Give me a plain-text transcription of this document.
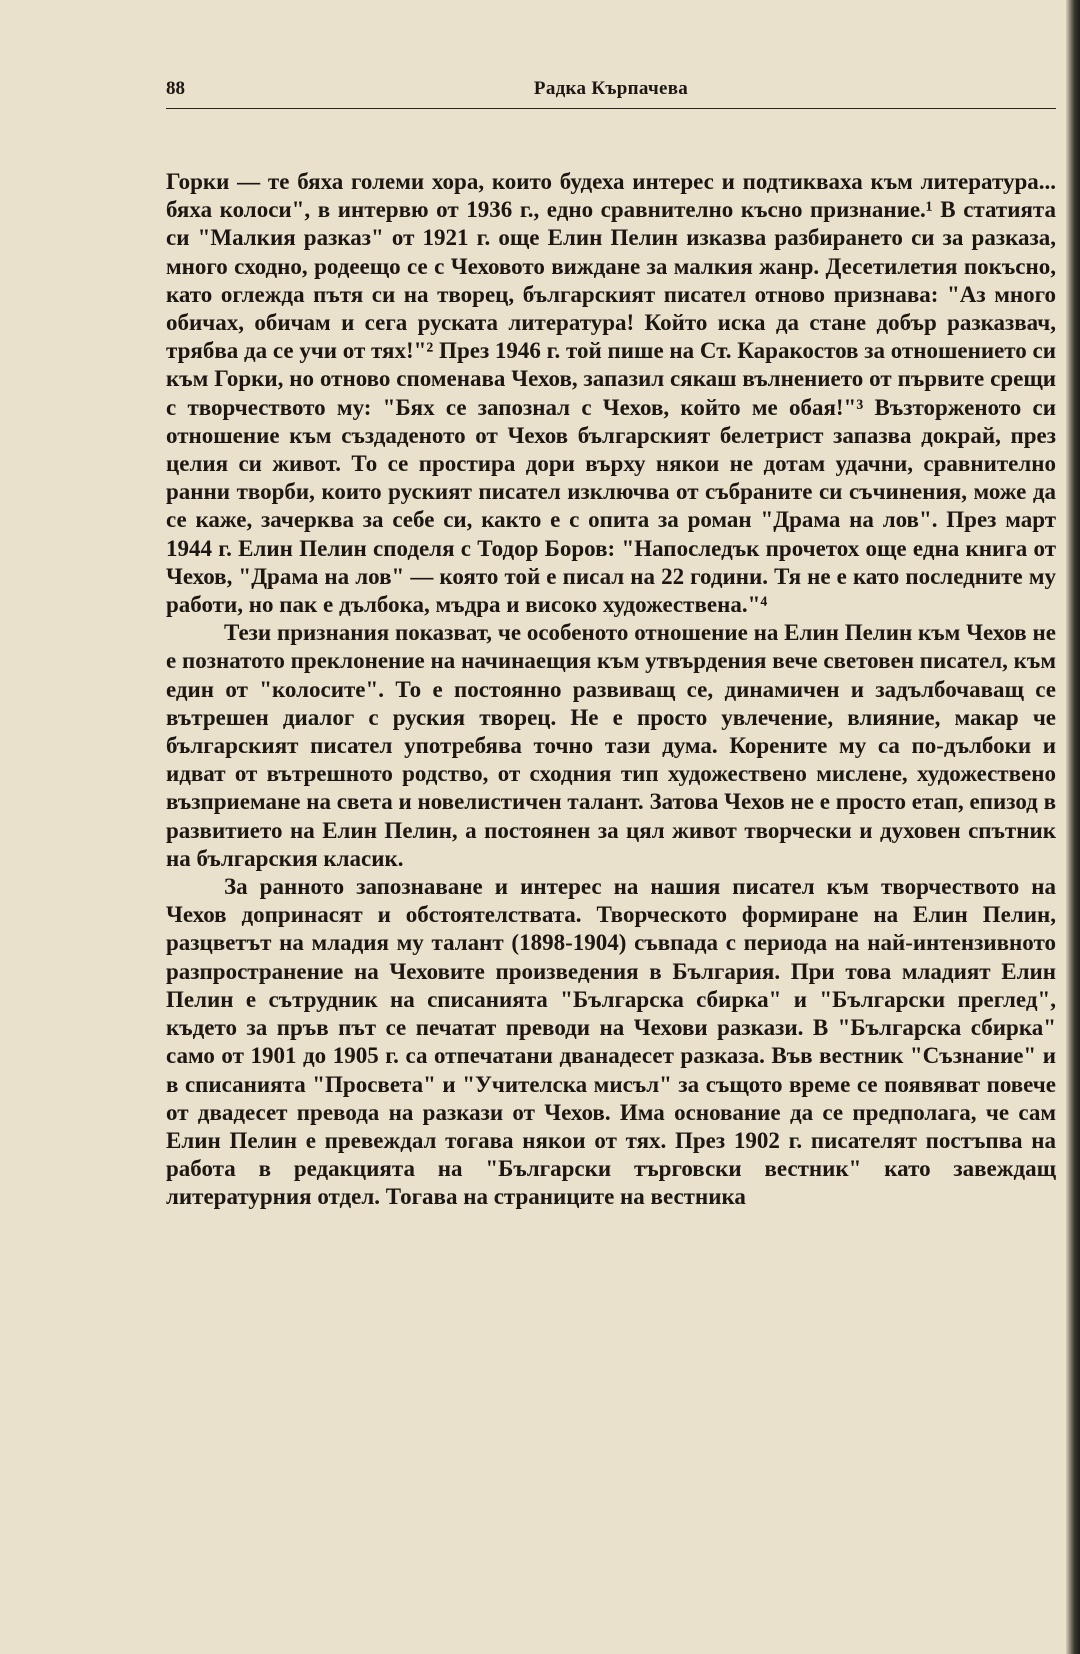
88	Радка Кърпачева

Горки — те бяха големи хора, които будеха интерес и подтикваха към литература... бяха колоси", в интервю от 1936 г., едно сравнително късно признание.¹ В статията си "Малкия разказ" от 1921 г. още Елин Пелин изказва разбирането си за разказа, много сходно, родеещо се с Чеховото виждане за малкия жанр. Десетилетия покъсно, като оглежда пътя си на творец, българският писател отново признава: "Аз много обичах, обичам и сега руската литература! Който иска да стане добър разказвач, трябва да се учи от тях!"² През 1946 г. той пише на Ст. Каракостов за отношението си към Горки, но отново споменава Чехов, запазил сякаш вълнението от първите срещи с творчеството му: "Бях се запознал с Чехов, който ме обая!"³ Възторженото си отношение към създаденото от Чехов българският белетрист запазва докрай, през целия си живот. То се простира дори върху някои не дотам удачни, сравнително ранни творби, които руският писател изключва от събраните си съчинения, може да се каже, зачерква за себе си, както е с опита за роман "Драма на лов". През март 1944 г. Елин Пелин споделя с Тодор Боров: "Напоследък прочетох още една книга от Чехов, "Драма на лов" — която той е писал на 22 години. Тя не е като последните му работи, но пак е дълбока, мъдра и високо художествена."⁴

Тези признания показват, че особеното отношение на Елин Пелин към Чехов не е познатото преклонение на начинаещия към утвърдения вече световен писател, към един от "колосите". То е постоянно развиващ се, динамичен и задълбочаващ се вътрешен диалог с руския творец. Не е просто увлечение, влияние, макар че българският писател употребява точно тази дума. Корените му са по-дълбоки и идват от вътрешното родство, от сходния тип художествено мислене, художествено възприемане на света и новелистичен талант. Затова Чехов не е просто етап, епизод в развитието на Елин Пелин, а постоянен за цял живот творчески и духовен спътник на българския класик.

За ранното запознаване и интерес на нашия писател към творчеството на Чехов допринасят и обстоятелствата. Творческото формиране на Елин Пелин, разцветът на младия му талант (1898-1904) съвпада с периода на най-интензивното разпространение на Чеховите произведения в България. При това младият Елин Пелин е сътрудник на списанията "Българска сбирка" и "Български преглед", където за пръв път се печатат преводи на Чехови разкази. В "Българска сбирка" само от 1901 до 1905 г. са отпечатани дванадесет разказа. Във вестник "Съзнание" и в списанията "Просвета" и "Учителска мисъл" за същото време се появяват повече от двадесет превода на разкази от Чехов. Има основание да се предполага, че сам Елин Пелин е превеждал тогава някои от тях. През 1902 г. писателят постъпва на работа в редакцията на "Български търговски вестник" като завеждащ литературния отдел. Тогава на страниците на вестника
